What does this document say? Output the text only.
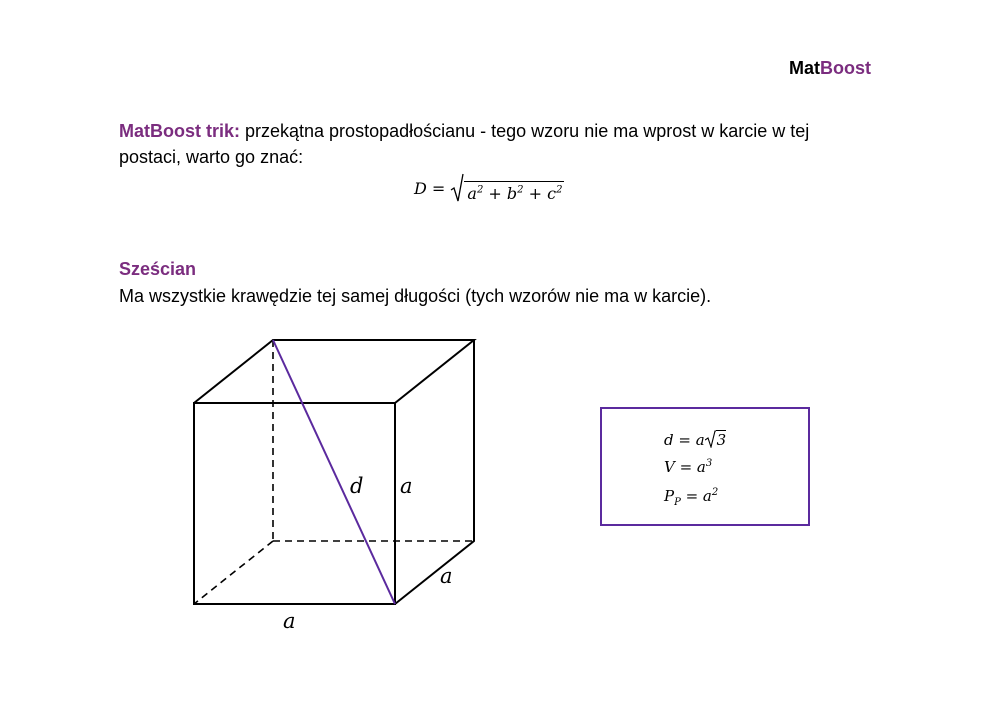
MatBoost
MatBoost trik: przekątna prostopadłościanu - tego wzoru nie ma wprost w karcie w tej postaci, warto go znać:
$D = a^2 + b^2 + c^2$
Sześcian
Ma wszystkie krawędzie tej samej długości (tych wzorów nie ma w karcie).
d a
a
a
d = a 3
$V = a^3$
$P_P = a^2$
